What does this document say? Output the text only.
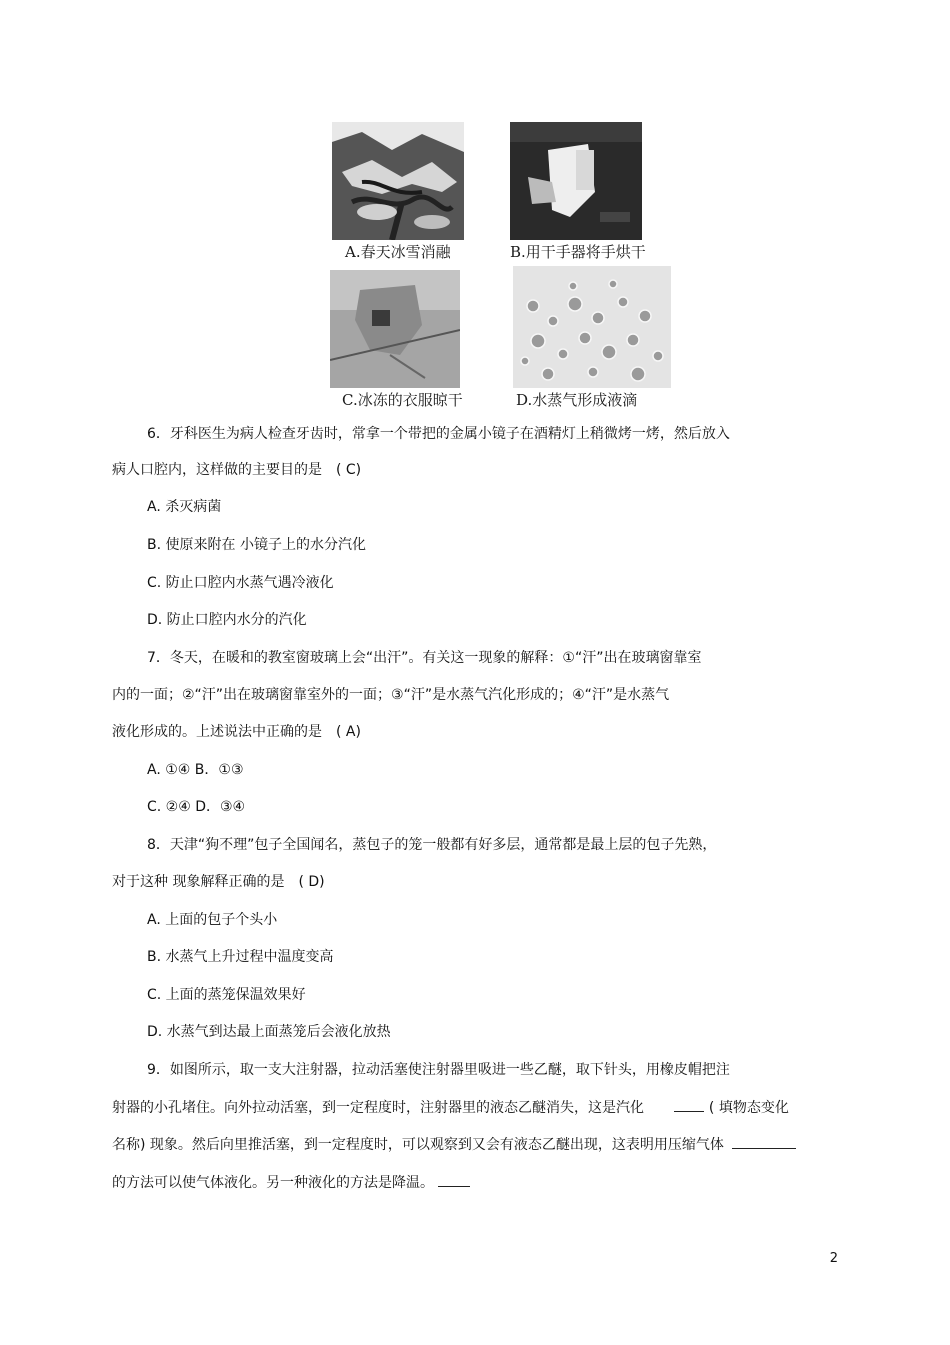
A.春天冰雪消融	B.用干手器将手烘干
C.冰冻的衣服晾干	D.水蒸气形成液滴
6．牙科医生为病人检查牙齿时，常拿一个带把的金属小镜子在酒精灯上稍微烤一烤，然后放入
病人口腔内，这样做的主要目的是　( C)
A. 杀灭病菌
B. 使原来附在 小镜子上的水分汽化
C. 防止口腔内水蒸气遇冷液化
D. 防止口腔内水分的汽化
7．冬天，在暖和的教室窗玻璃上会“出汗”。有关这一现象的解释：①“汗”出在玻璃窗靠室
内的一面；②“汗”出在玻璃窗靠室外的一面；③“汗”是水蒸气汽化形成的；④“汗”是水蒸气
液化形成的。上述说法中正确的是　( A)
A. ①④ B．①③
C. ②④ D．③④
8．天津“狗不理”包子全国闻名，蒸包子的笼一般都有好多层，通常都是最上层的包子先熟，
对于这种 现象解释正确的是　( D)
A. 上面的包子个头小
B. 水蒸气上升过程中温度变高
C. 上面的蒸笼保温效果好
D. 水蒸气到达最上面蒸笼后会液化放热
9．如图所示，取一支大注射器，拉动活塞使注射器里吸进一些乙醚，取下针头，用橡皮帽把注
射器的小孔堵住。向外拉动活塞，到一定程度时，注射器里的液态乙醚消失，这是汽化	( 填物态变化
名称) 现象。然后向里推活塞，到一定程度时，可以观察到又会有液态乙醚出现，这表明用压缩气体
的方法可以使气体液化。另一种液化的方法是降温。
2
